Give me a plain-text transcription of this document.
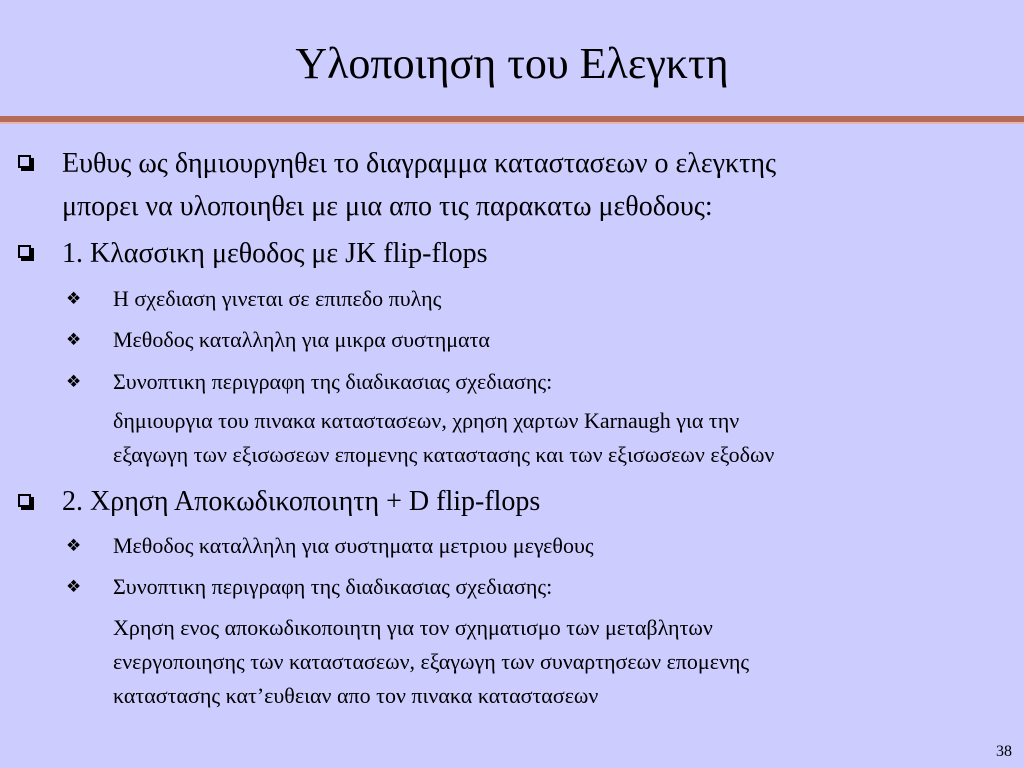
Υλοποιηση του Ελεγκτη
Ευθυς ως δημιουργηθει το διαγραμμα καταστασεων ο ελεγκτης
μπορει να υλοποιηθει με μια απο τις παρακατω μεθοδους:
1. Κλασσικη μεθοδος με JK flip-flops
❖ Η σχεδιαση γινεται σε επιπεδο πυλης
❖ Μεθοδος καταλληλη για μικρα συστηματα
❖ Συνοπτικη περιγραφη της διαδικασιας σχεδιασης:
δημιουργια του πινακα καταστασεων, χρηση χαρτων Karnaugh για την
εξαγωγη των εξισωσεων επομενης καταστασης και των εξισωσεων εξοδων
2. Χρηση Αποκωδικοποιητη + D flip-flops
❖ Μεθοδος καταλληλη για συστηματα μετριου μεγεθους
❖ Συνοπτικη περιγραφη της διαδικασιας σχεδιασης:
Χρηση ενος αποκωδικοποιητη για τον σχηματισμο των μεταβλητων
ενεργοποιησης των καταστασεων, εξαγωγη των συναρτησεων επομενης
καταστασης κατ’ευθειαν απο τον πινακα καταστασεων
38
